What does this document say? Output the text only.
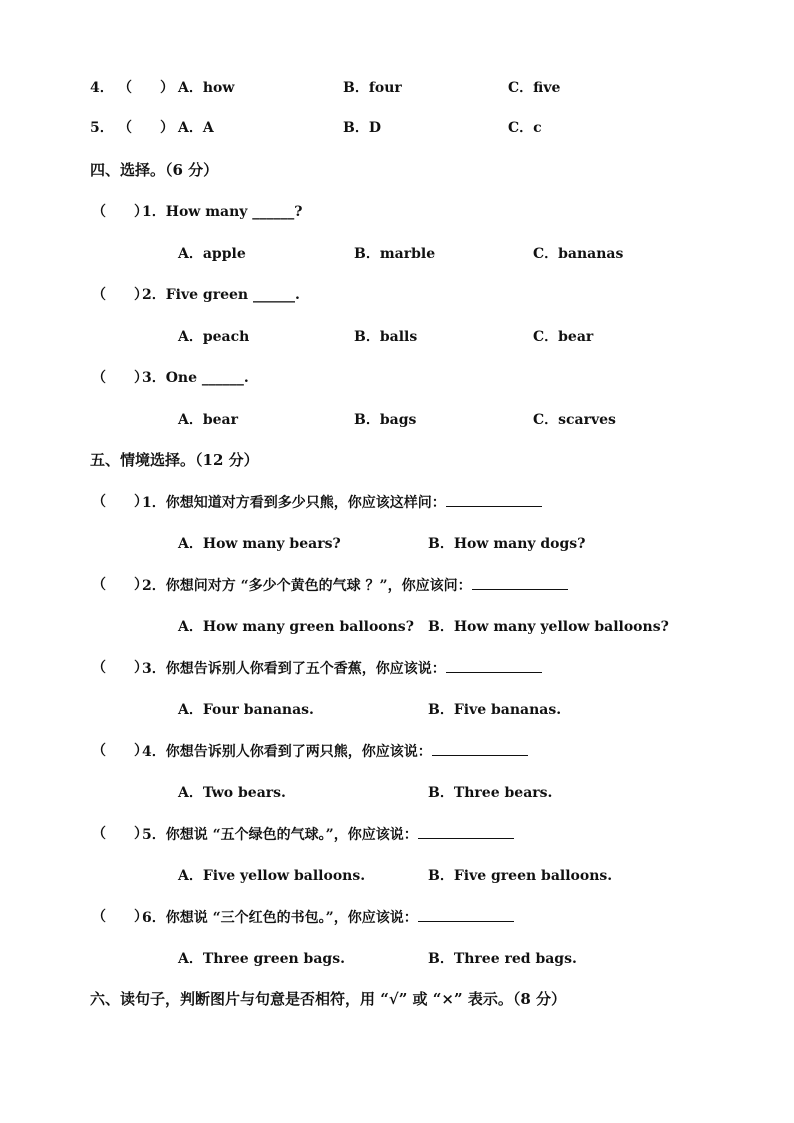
4． （　　） A．how	B．four	C．five
5． （　　） A．A	B．D	C．c
四、选择。（6 分）
（　　）
1．How many ______?
A．apple	B．marble	C．bananas
（　　）
2．Five green ______.
A．peach	B．balls	C．bear
（　　）
3．One ______.
A．bear	B．bags	C．scarves
五、情境选择。（12 分）
（　　）
1．你想知道对方看到多少只熊，你应该这样问：
A．How many bears?	B．How many dogs?
（　　）
2．你想问对方 “多少个黄色的气球 ？”，你应该问：
A．How many green balloons? B．How many yellow balloons?
（　　）
3．你想告诉别人你看到了五个香蕉，你应该说：
A．Four bananas.	B．Five bananas.
（　　）
4．你想告诉别人你看到了两只熊，你应该说：
A．Two bears.	B．Three bears.
（　　）
5．你想说 “五个绿色的气球。”，你应该说：
A．Five yellow balloons.	B．Five green balloons.
（　　）
6．你想说 “三个红色的书包。”，你应该说：
A．Three green bags.	B．Three red bags.
六、读句子，判断图片与句意是否相符，用 “√” 或 “×” 表示。（8 分）
